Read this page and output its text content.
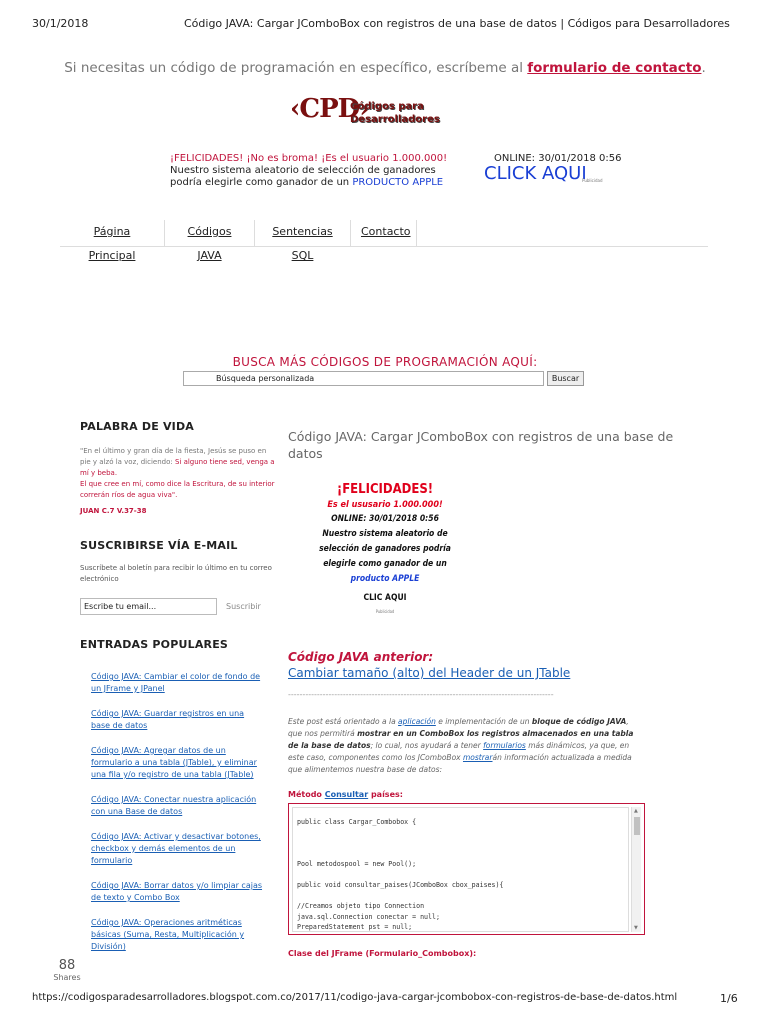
30/1/2018	Código JAVA: Cargar JComboBox con registros de una base de datos | Códigos para Desarrolladores
Si necesitas un código de programación en específico, escríbeme al formulario de contacto.
‹CPD›
Códigos para
Desarrolladores
¡FELICIDADES! ¡No es broma! ¡Es el usuario 1.000.000!
Nuestro sistema aleatorio de selección de ganadores podría elegirle como ganador de un PRODUCTO APPLE
ONLINE: 30/01/2018 0:56
CLICK AQUI
Publicidad
Página Principal
Códigos JAVA
Sentencias SQL
Contacto
BUSCA MÁS CÓDIGOS DE PROGRAMACIÓN AQUÍ:
Búsqueda personalizada	Buscar
PALABRA DE VIDA
"En el último y gran día de la fiesta, Jesús se puso en pie y alzó la voz, diciendo: Si alguno tiene sed, venga a mí y beba.
El que cree en mí, como dice la Escritura, de su interior correrán ríos de agua viva".
JUAN C.7 V.37-38
SUSCRIBIRSE VÍA E-MAIL
Suscríbete al boletín para recibir lo último en tu correo electrónico
Escribe tu email...	Suscribir
ENTRADAS POPULARES
Código JAVA: Cambiar el color de fondo de un JFrame y JPanel
Código JAVA: Guardar registros en una base de datos
Código JAVA: Agregar datos de un formulario a una tabla (JTable), y eliminar una fila y/o registro de una tabla (JTable)
Código JAVA: Conectar nuestra aplicación con una Base de datos
Código JAVA: Activar y desactivar botones, checkbox y demás elementos de un formulario
Código JAVA: Borrar datos y/o limpiar cajas de texto y Combo Box
Código JAVA: Operaciones aritméticas básicas (Suma, Resta, Multiplicación y División)
Código JAVA: Cargar JComboBox con registros de una base de datos
¡FELICIDADES!
Es el ususario 1.000.000!
ONLINE: 30/01/2018 0:56
Nuestro sistema aleatorio de
selección de ganadores podría
elegirle como ganador de un
producto APPLE
CLIC AQUI
Publicidad
Código JAVA anterior:
Cambiar tamaño (alto) del Header de un JTable
--------------------------------------------------------------------------------------------
Este post está orientado a la aplicación e implementación de un bloque de código JAVA, que nos permitirá mostrar en un ComboBox los registros almacenados en una tabla de la base de datos; lo cual, nos ayudará a tener formularios más dinámicos, ya que, en este caso, componentes como los JComboBox mostrarán información actualizada a medida que alimentemos nuestra base de datos:
Método Consultar países:
public class Cargar_Combobox {
Pool metodospool = new Pool();
public void consultar_paises(JComboBox cbox_paises){
//Creamos objeto tipo Connection
java.sql.Connection conectar = null;
PreparedStatement pst = null;
▲
▼
Clase del JFrame (Formulario_Combobox):
88
Shares
https://codigosparadesarrolladores.blogspot.com.co/2017/11/codigo-java-cargar-jcombobox-con-registros-de-base-de-datos.html	1/6
